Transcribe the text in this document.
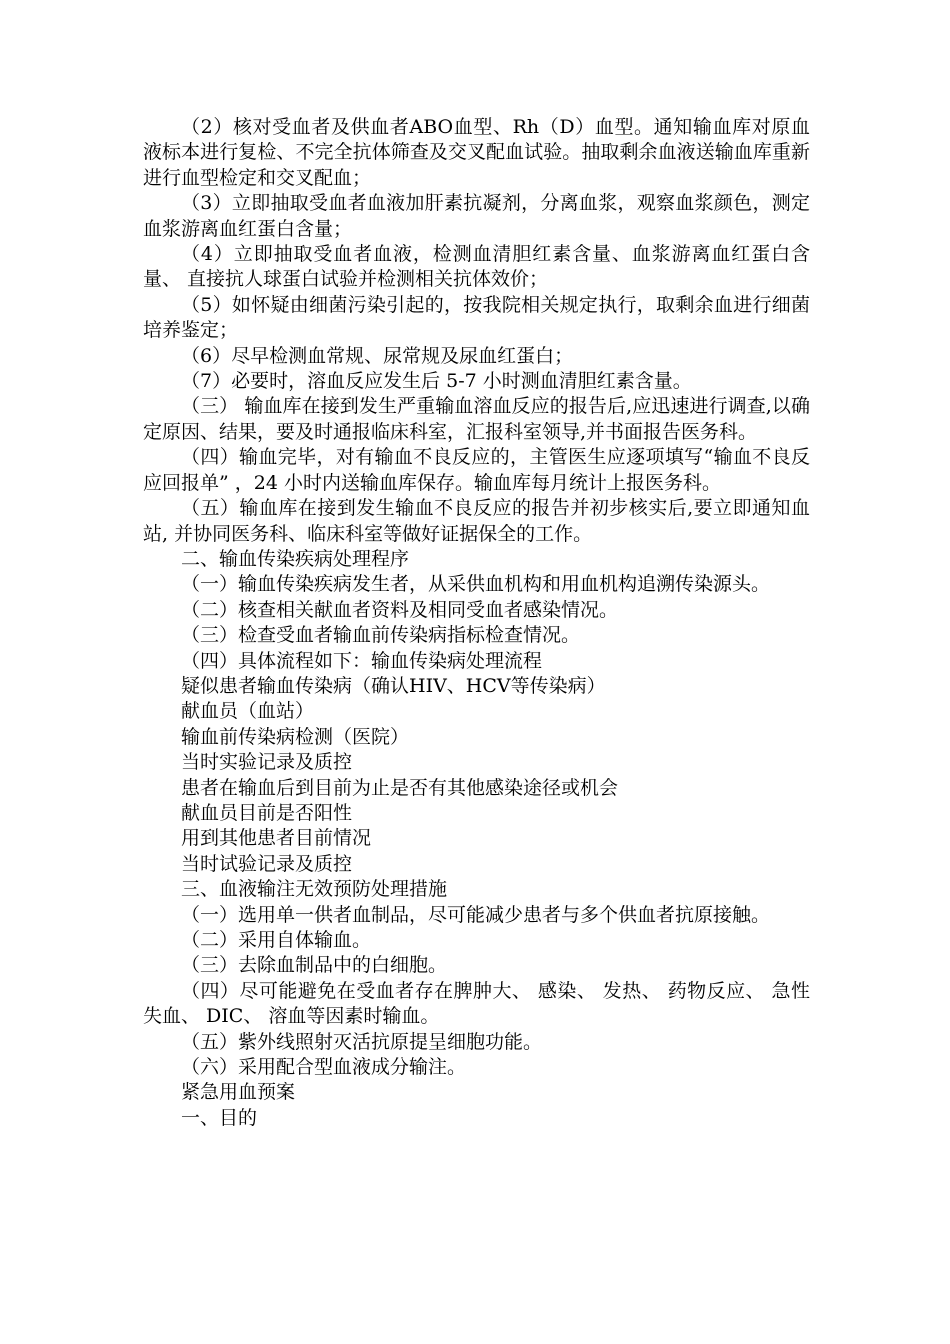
（2）核对受血者及供血者ABO血型、Rh（D）血型。通知输血库对原血液标本进行复检、不完全抗体筛查及交叉配血试验。抽取剩余血液送输血库重新进行血型检定和交叉配血；

（3）立即抽取受血者血液加肝素抗凝剂，分离血浆，观察血浆颜色，测定血浆游离血红蛋白含量；

（4）立即抽取受血者血液，检测血清胆红素含量、血浆游离血红蛋白含量、 直接抗人球蛋白试验并检测相关抗体效价；

（5）如怀疑由细菌污染引起的，按我院相关规定执行，取剩余血进行细菌培养鉴定；

（6）尽早检测血常规、尿常规及尿血红蛋白；

（7）必要时，溶血反应发生后 5-7 小时测血清胆红素含量。

（三） 输血库在接到发生严重输血溶血反应的报告后,应迅速进行调查,以确定原因、结果，要及时通报临床科室，汇报科室领导,并书面报告医务科。

（四）输血完毕，对有输血不良反应的，主管医生应逐项填写“输血不良反应回报单” ，24 小时内送输血库保存。输血库每月统计上报医务科。

（五）输血库在接到发生输血不良反应的报告并初步核实后,要立即通知血站, 并协同医务科、临床科室等做好证据保全的工作。

二、输血传染疾病处理程序

（一）输血传染疾病发生者，从采供血机构和用血机构追溯传染源头。

（二）核查相关献血者资料及相同受血者感染情况。

（三）检查受血者输血前传染病指标检查情况。

（四）具体流程如下：输血传染病处理流程

疑似患者输血传染病（确认HIV、HCV等传染病）

献血员（血站）

输血前传染病检测（医院）

当时实验记录及质控

患者在输血后到目前为止是否有其他感染途径或机会

献血员目前是否阳性

用到其他患者目前情况

当时试验记录及质控

三、血液输注无效预防处理措施

（一）选用单一供者血制品，尽可能减少患者与多个供血者抗原接触。

（二）采用自体输血。

（三）去除血制品中的白细胞。

（四）尽可能避免在受血者存在脾肿大、 感染、 发热、 药物反应、 急性失血、 DIC、 溶血等因素时输血。

（五）紫外线照射灭活抗原提呈细胞功能。

（六）采用配合型血液成分输注。

紧急用血预案

一、目的
